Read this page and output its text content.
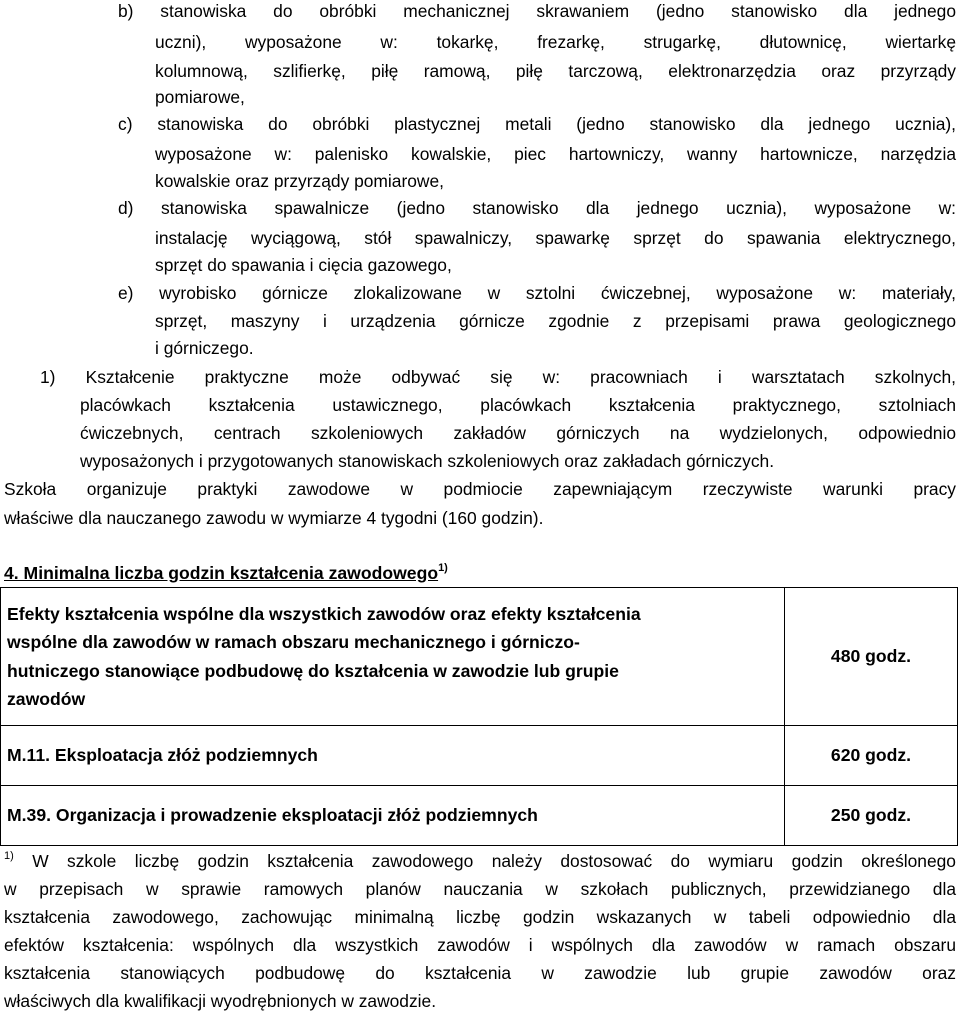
b) stanowiska do obróbki mechanicznej skrawaniem (jedno stanowisko dla jednego
uczni), wyposażone w: tokarkę, frezarkę, strugarkę, dłutownicę, wiertarkę
kolumnową, szlifierkę, piłę ramową, piłę tarczową, elektronarzędzia oraz przyrządy
pomiarowe,
c) stanowiska do obróbki plastycznej metali (jedno stanowisko dla jednego ucznia),
wyposażone w: palenisko kowalskie, piec hartowniczy, wanny hartownicze, narzędzia
kowalskie oraz przyrządy pomiarowe,
d) stanowiska spawalnicze (jedno stanowisko dla jednego ucznia), wyposażone w:
instalację wyciągową, stół spawalniczy, spawarkę sprzęt do spawania elektrycznego,
sprzęt do spawania i cięcia gazowego,
e) wyrobisko górnicze zlokalizowane w sztolni ćwiczebnej, wyposażone w: materiały,
sprzęt, maszyny i urządzenia górnicze zgodnie z przepisami prawa geologicznego
i górniczego.
1) Kształcenie praktyczne może odbywać się w: pracowniach i warsztatach szkolnych,
placówkach kształcenia ustawicznego, placówkach kształcenia praktycznego, sztolniach
ćwiczebnych, centrach szkoleniowych zakładów górniczych na wydzielonych, odpowiednio
wyposażonych i przygotowanych stanowiskach szkoleniowych oraz zakładach górniczych.
Szkoła organizuje praktyki zawodowe w podmiocie zapewniającym rzeczywiste warunki pracy
właściwe dla nauczanego zawodu w wymiarze 4 tygodni (160 godzin).
4. Minimalna liczba godzin kształcenia zawodowego$^{1)}$
Efekty kształcenia wspólne dla wszystkich zawodów oraz efekty kształcenia
wspólne dla zawodów w ramach obszaru mechanicznego i górniczo-
hutniczego stanowiące podbudowę do kształcenia w zawodzie lub grupie
zawodów	480 godz.
M.11. Eksploatacja złóż podziemnych	620 godz.
M.39. Organizacja i prowadzenie eksploatacji złóż podziemnych	250 godz.
$^{1)}$ W szkole liczbę godzin kształcenia zawodowego należy dostosować do wymiaru godzin określonego
w przepisach w sprawie ramowych planów nauczania w szkołach publicznych, przewidzianego dla
kształcenia zawodowego, zachowując minimalną liczbę godzin wskazanych w tabeli odpowiednio dla
efektów kształcenia: wspólnych dla wszystkich zawodów i wspólnych dla zawodów w ramach obszaru
kształcenia stanowiących podbudowę do kształcenia w zawodzie lub grupie zawodów oraz
właściwych dla kwalifikacji wyodrębnionych w zawodzie.
